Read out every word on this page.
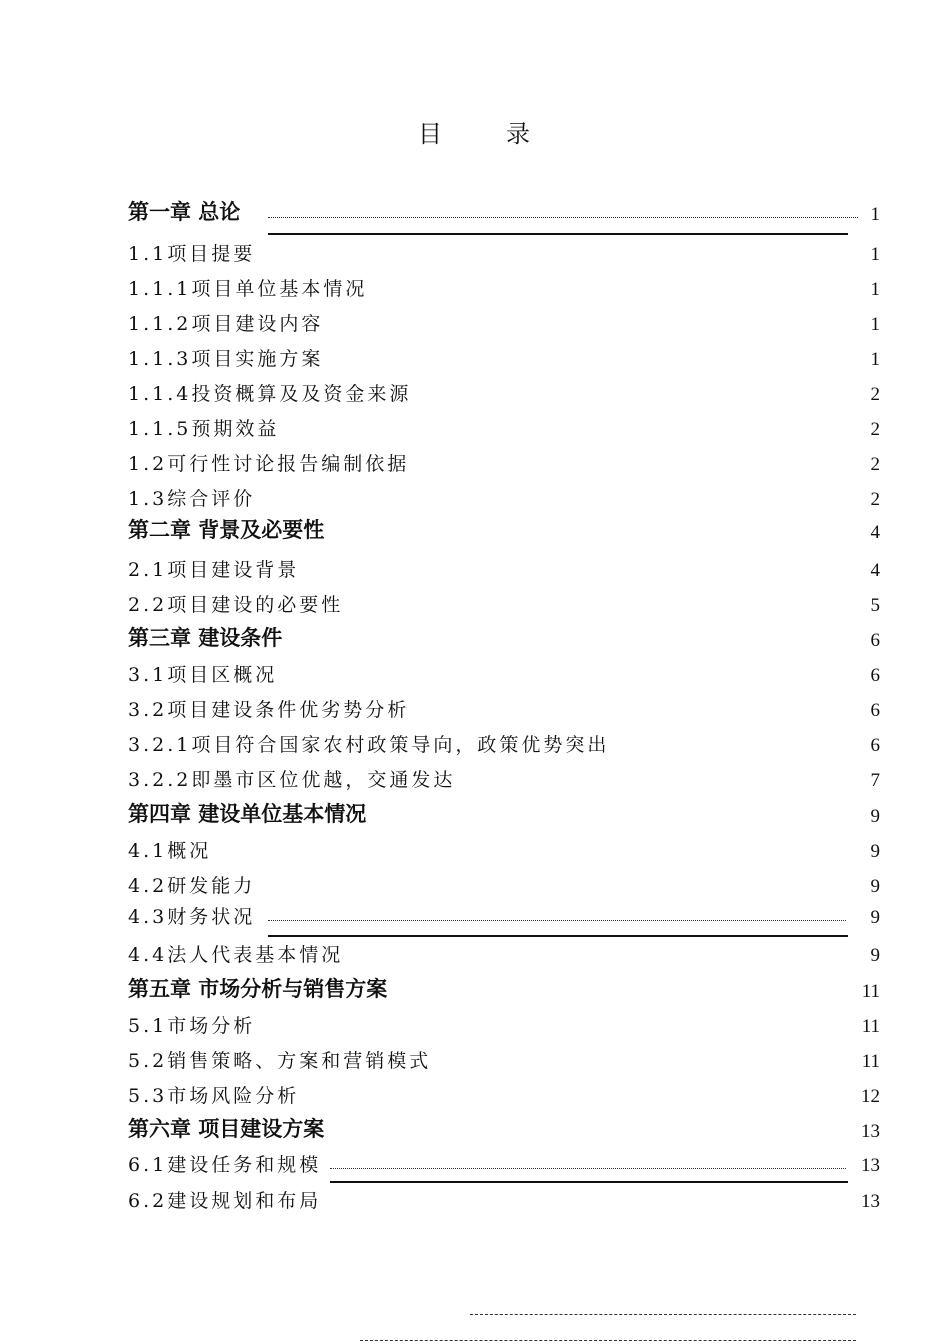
目	录
第一章 总论	1
1.1项目提要	1
1.1.1项目单位基本情况	1
1.1.2项目建设内容	1
1.1.3项目实施方案	1
1.1.4投资概算及及资金来源	2
1.1.5预期效益	2
1.2可行性讨论报告编制依据	2
1.3综合评价	2
第二章 背景及必要性	4
2.1项目建设背景	4
2.2项目建设的必要性	5
第三章 建设条件	6
3.1项目区概况	6
3.2项目建设条件优劣势分析	6
3.2.1项目符合国家农村政策导向，政策优势突出	6
3.2.2即墨市区位优越，交通发达	7
第四章 建设单位基本情况	9
4.1概况	9
4.2研发能力	9
4.3财务状况	9
4.4法人代表基本情况	9
第五章 市场分析与销售方案	11
5.1市场分析	11
5.2销售策略、方案和营销模式	11
5.3市场风险分析	12
第六章 项目建设方案	13
6.1建设任务和规模	13
6.2建设规划和布局	13
